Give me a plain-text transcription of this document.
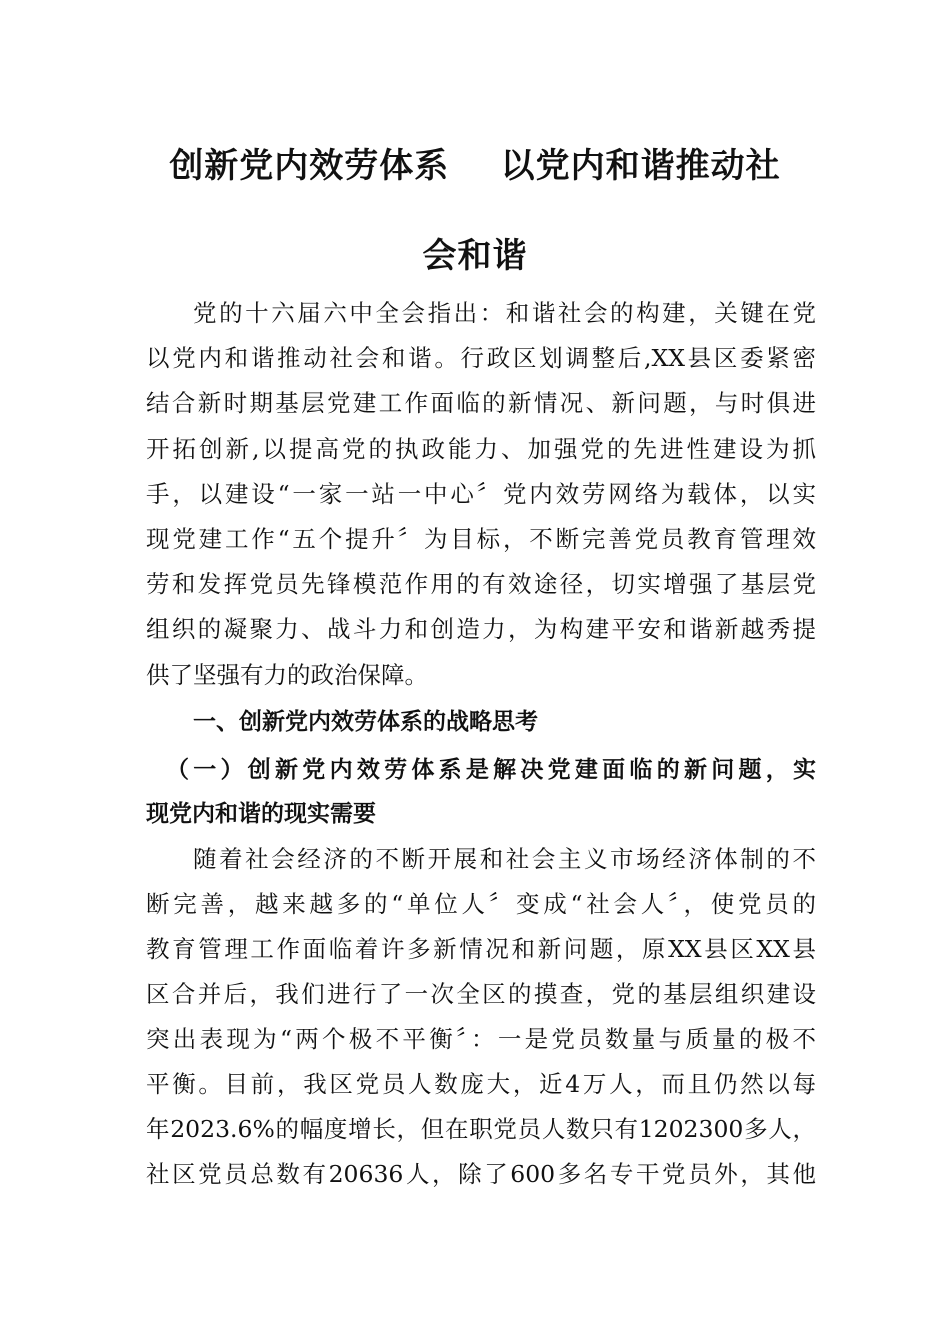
创新党内效劳体系    以党内和谐推动社
会和谐
党的十六届六中全会指出：和谐社会的构建，关键在党
以党内和谐推动社会和谐。行政区划调整后,XX县区委紧密
结合新时期基层党建工作面临的新情况、新问题，与时俱进
开拓创新,以提高党的执政能力、加强党的先进性建设为抓
手，以建设“一家一站一中心〞党内效劳网络为载体，以实
现党建工作“五个提升〞为目标，不断完善党员教育管理效
劳和发挥党员先锋模范作用的有效途径，切实增强了基层党
组织的凝聚力、战斗力和创造力，为构建平安和谐新越秀提
供了坚强有力的政治保障。
一、创新党内效劳体系的战略思考
（一）创新党内效劳体系是解决党建面临的新问题，实
现党内和谐的现实需要
随着社会经济的不断开展和社会主义市场经济体制的不
断完善，越来越多的“单位人〞变成“社会人〞，使党员的
教育管理工作面临着许多新情况和新问题，原XX县区XX县
区合并后，我们进行了一次全区的摸查，党的基层组织建设
突出表现为“两个极不平衡〞：一是党员数量与质量的极不
平衡。目前，我区党员人数庞大，近4万人，而且仍然以每
年2023.6%的幅度增长，但在职党员人数只有1202300多人，
社区党员总数有20636人，除了600多名专干党员外，其他
